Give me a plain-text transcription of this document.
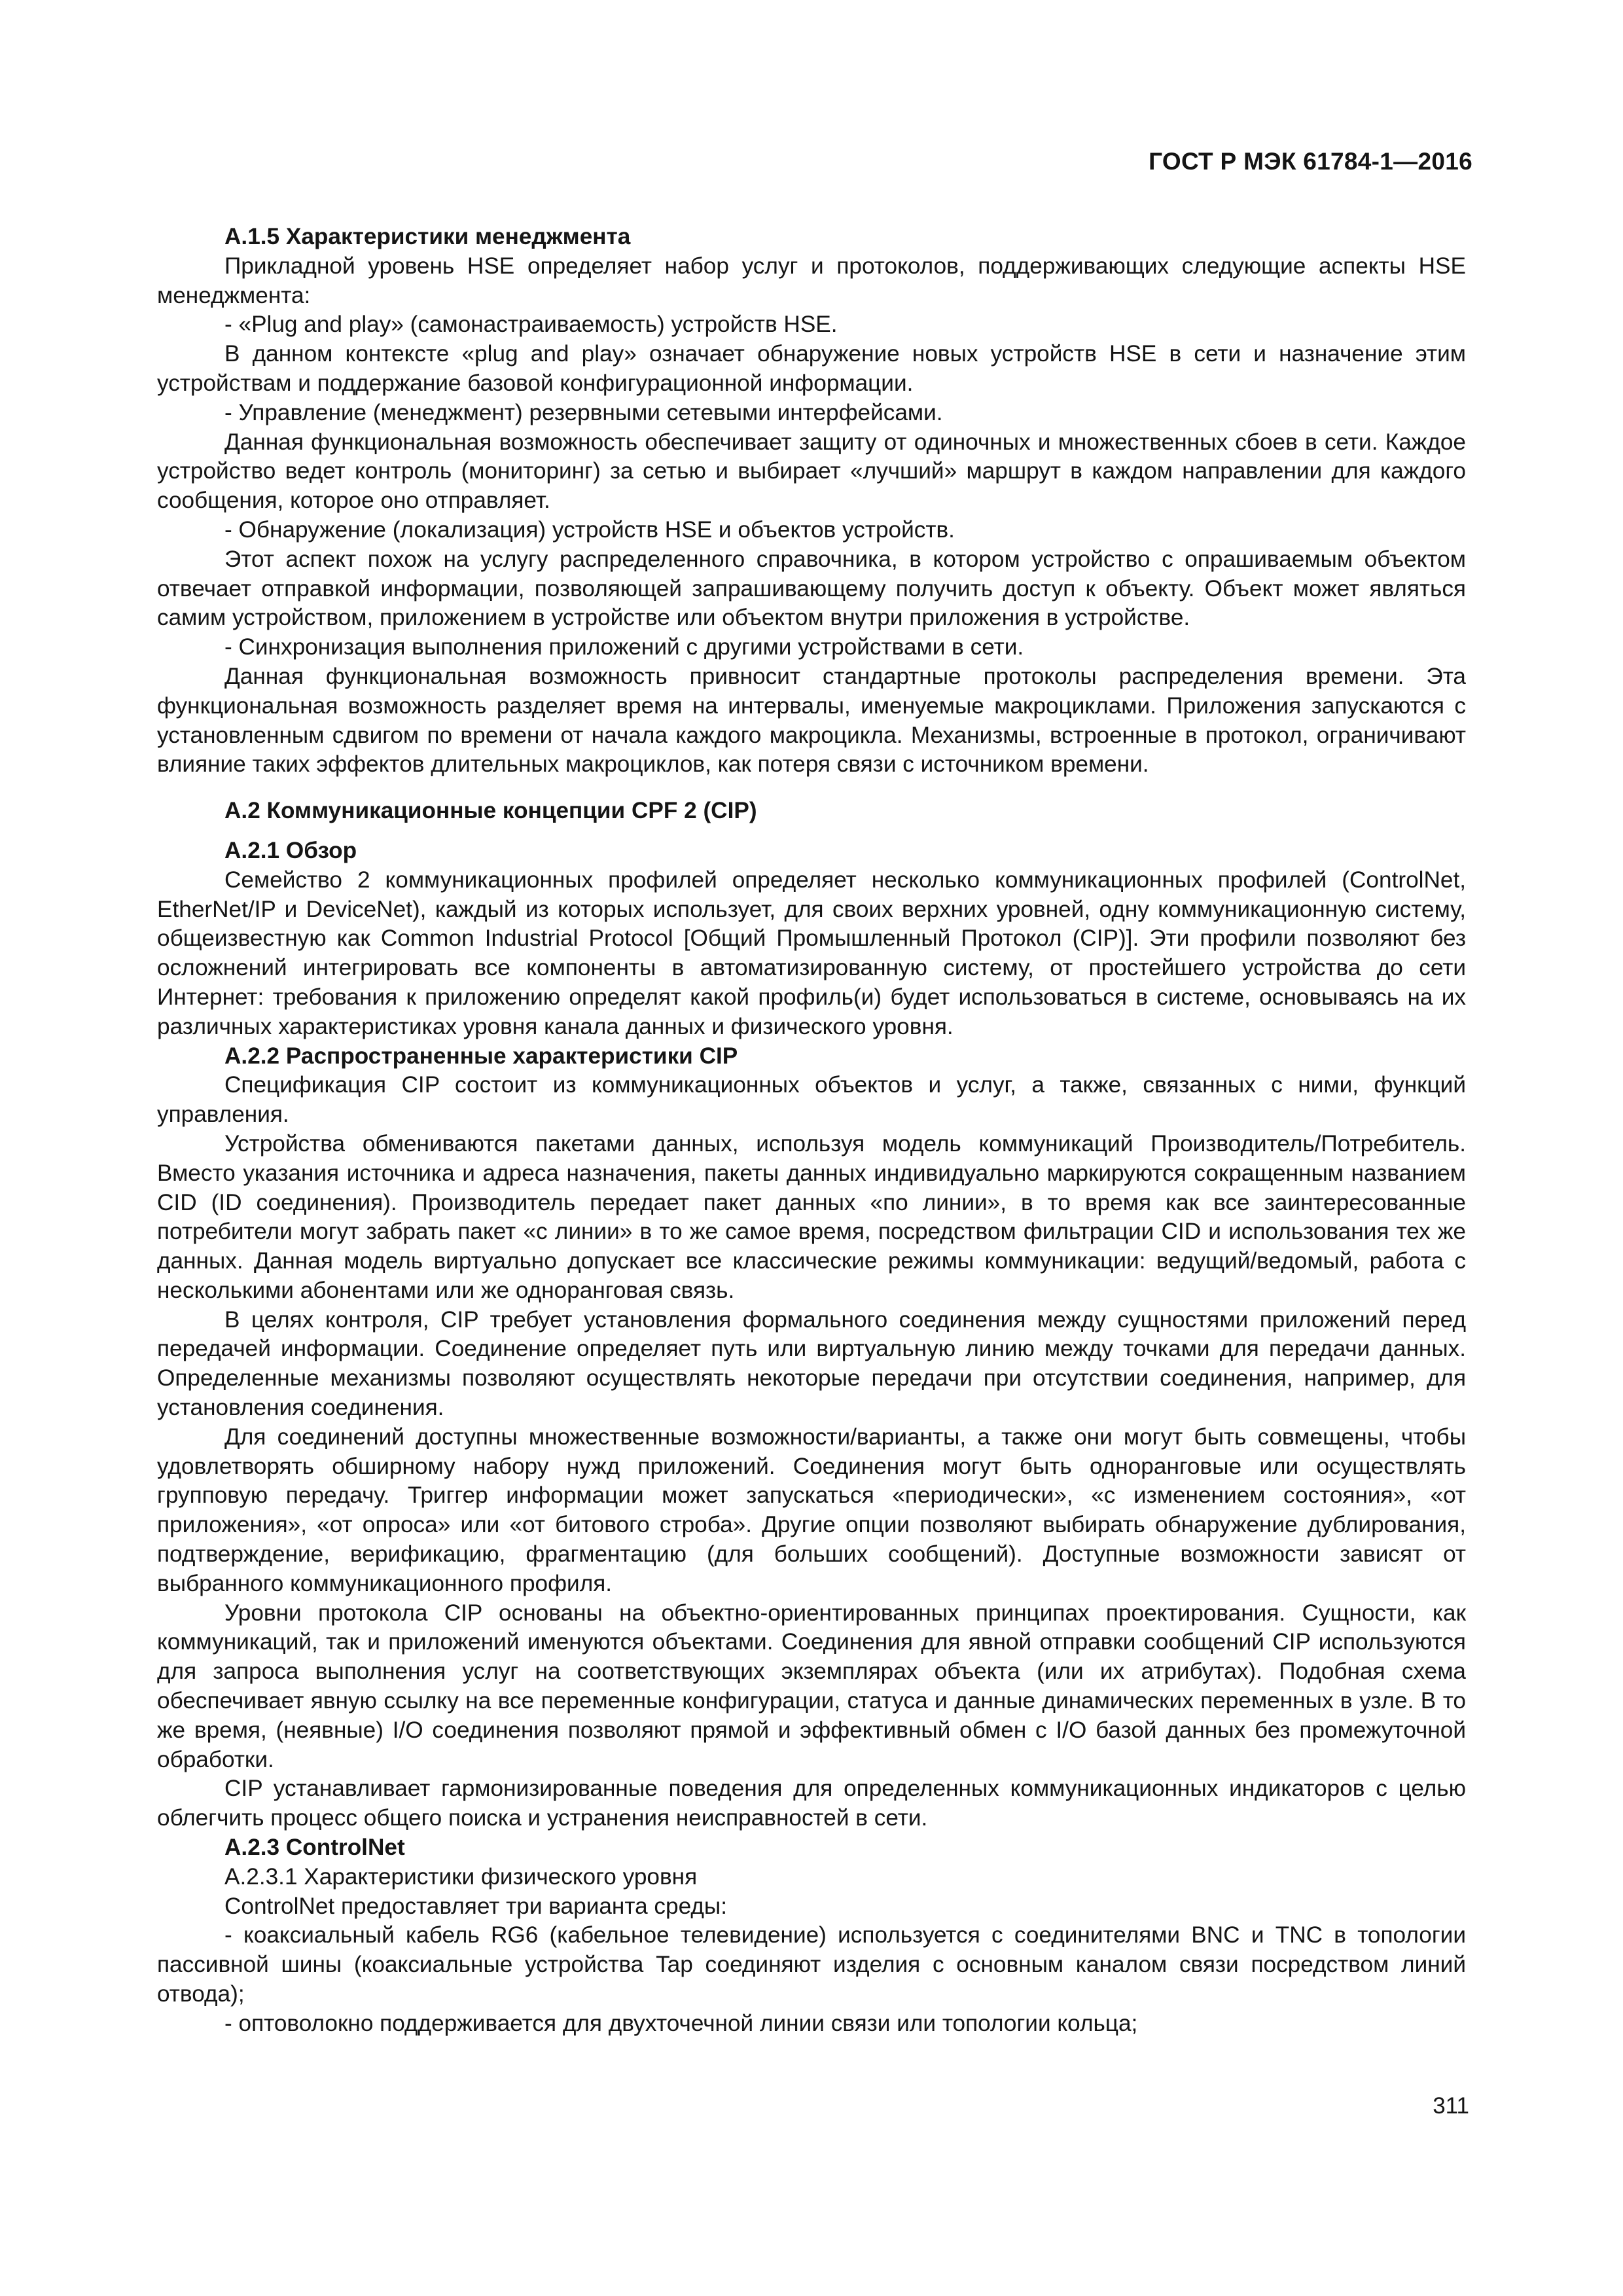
ГОСТ Р МЭК 61784-1—2016

А.1.5 Характеристики менеджмента

Прикладной уровень HSE определяет набор услуг и протоколов, поддерживающих следующие аспекты HSE менеджмента:

- «Plug and play» (самонастраиваемость) устройств HSE.

В данном контексте «plug and play» означает обнаружение новых устройств HSE в сети и назначение этим устройствам и поддержание базовой конфигурационной информации.

- Управление (менеджмент) резервными сетевыми интерфейсами.

Данная функциональная возможность обеспечивает защиту от одиночных и множественных сбоев в сети. Каждое устройство ведет контроль (мониторинг) за сетью и выбирает «лучший» маршрут в каждом направлении для каждого сообщения, которое оно отправляет.

- Обнаружение (локализация) устройств HSE и объектов устройств.

Этот аспект похож на услугу распределенного справочника, в котором устройство с опрашиваемым объектом отвечает отправкой информации, позволяющей запрашивающему получить доступ к объекту. Объект может являться самим устройством, приложением в устройстве или объектом внутри приложения в устройстве.

- Синхронизация выполнения приложений с другими устройствами в сети.

Данная функциональная возможность привносит стандартные протоколы распределения времени. Эта функциональная возможность разделяет время на интервалы, именуемые макроциклами. Приложения запускаются с установленным сдвигом по времени от начала каждого макроцикла. Механизмы, встроенные в протокол, ограничивают влияние таких эффектов длительных макроциклов, как потеря связи с источником времени.

А.2 Коммуникационные концепции CPF 2 (CIP)

А.2.1 Обзор

Семейство 2 коммуникационных профилей определяет несколько коммуникационных профилей (ControlNet, EtherNet/IP и DeviceNet), каждый из которых использует, для своих верхних уровней, одну коммуникационную систему, общеизвестную как Common Industrial Protocol [Общий Промышленный Протокол (CIP)]. Эти профили позволяют без осложнений интегрировать все компоненты в автоматизированную систему, от простейшего устройства до сети Интернет: требования к приложению определят какой профиль(и) будет использоваться в системе, основываясь на их различных характеристиках уровня канала данных и физического уровня.

А.2.2 Распространенные характеристики CIP

Спецификация CIP состоит из коммуникационных объектов и услуг, а также, связанных с ними, функций управления.

Устройства обмениваются пакетами данных, используя модель коммуникаций Производитель/Потребитель. Вместо указания источника и адреса назначения, пакеты данных индивидуально маркируются сокращенным названием CID (ID соединения). Производитель передает пакет данных «по линии», в то время как все заинтересованные потребители могут забрать пакет «с линии» в то же самое время, посредством фильтрации CID и использования тех же данных. Данная модель виртуально допускает все классические режимы коммуникации: ведущий/ведомый, работа с несколькими абонентами или же одноранговая связь.

В целях контроля, CIP требует установления формального соединения между сущностями приложений перед передачей информации. Соединение определяет путь или виртуальную линию между точками для передачи данных. Определенные механизмы позволяют осуществлять некоторые передачи при отсутствии соединения, например, для установления соединения.

Для соединений доступны множественные возможности/варианты, а также они могут быть совмещены, чтобы удовлетворять обширному набору нужд приложений. Соединения могут быть одноранговые или осуществлять групповую передачу. Триггер информации может запускаться «периодически», «с изменением состояния», «от приложения», «от опроса» или «от битового строба». Другие опции позволяют выбирать обнаружение дублирования, подтверждение, верификацию, фрагментацию (для больших сообщений). Доступные возможности зависят от выбранного коммуникационного профиля.

Уровни протокола CIP основаны на объектно-ориентированных принципах проектирования. Сущности, как коммуникаций, так и приложений именуются объектами. Соединения для явной отправки сообщений CIP используются для запроса выполнения услуг на соответствующих экземплярах объекта (или их атрибутах). Подобная схема обеспечивает явную ссылку на все переменные конфигурации, статуса и данные динамических переменных в узле. В то же время, (неявные) I/O соединения позволяют прямой и эффективный обмен с I/O базой данных без промежуточной обработки.

CIP устанавливает гармонизированные поведения для определенных коммуникационных индикаторов с целью облегчить процесс общего поиска и устранения неисправностей в сети.

А.2.3 ControlNet

А.2.3.1 Характеристики физического уровня

ControlNet предоставляет три варианта среды:

- коаксиальный кабель RG6 (кабельное телевидение) используется с соединителями BNC и TNC в топологии пассивной шины (коаксиальные устройства Tap соединяют изделия с основным каналом связи посредством линий отвода);

- оптоволокно поддерживается для двухточечной линии связи или топологии кольца;

311
